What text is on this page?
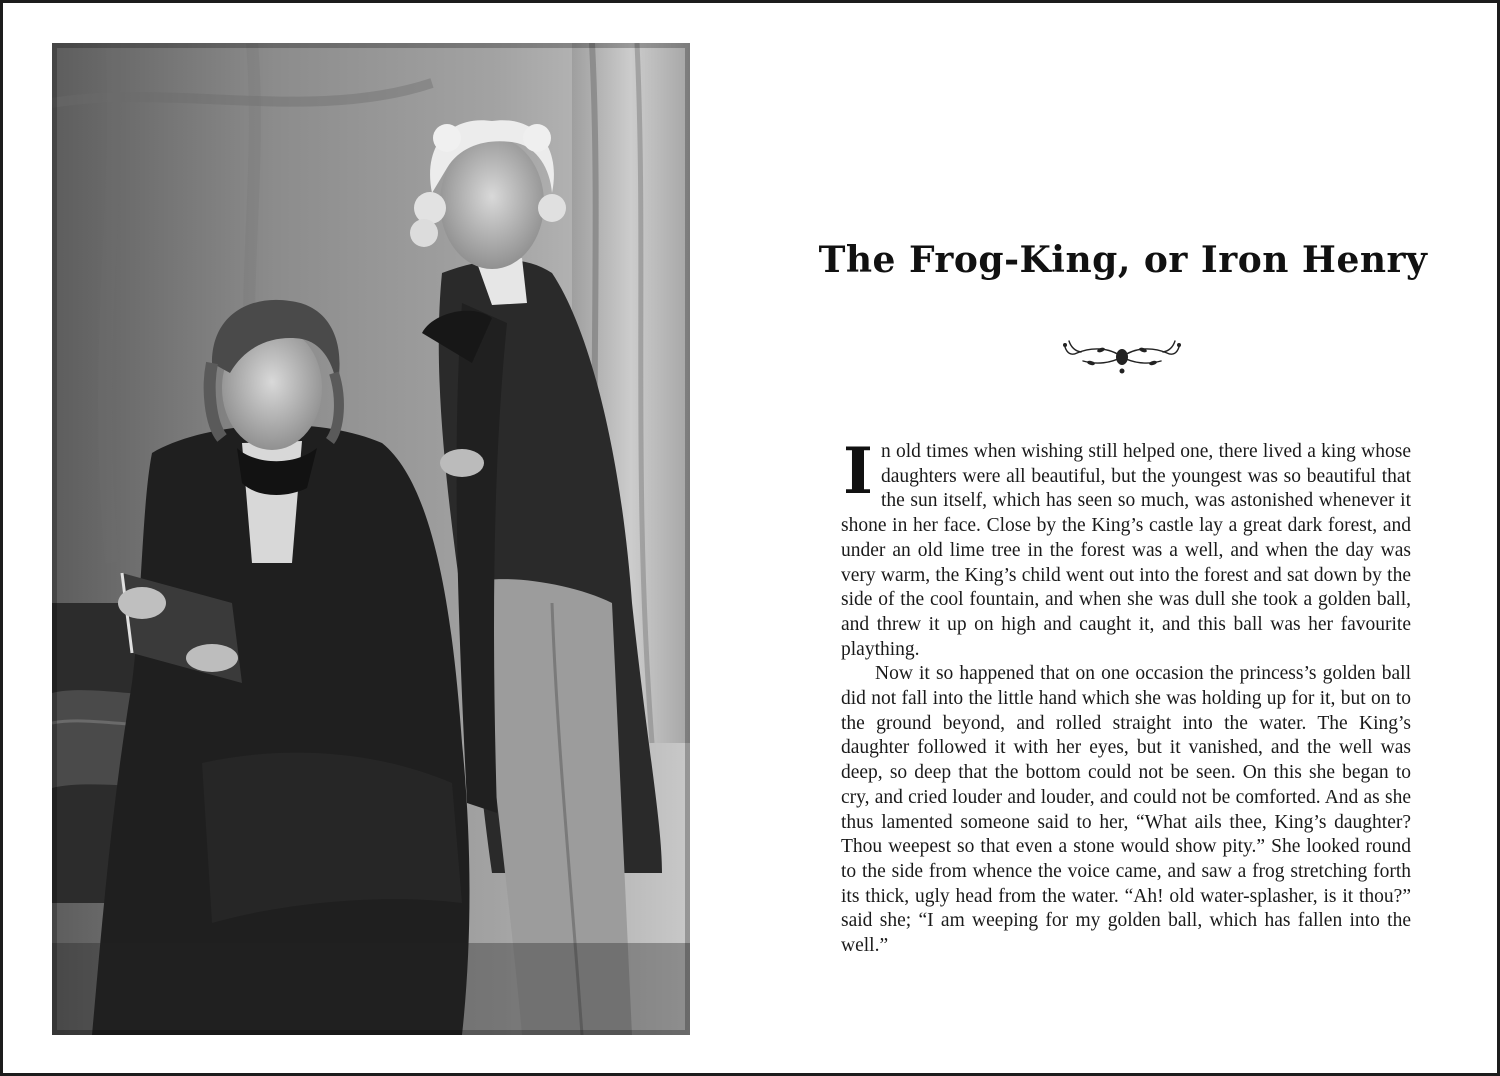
The Frog-King, or Iron Henry

In old times when wishing still helped one, there lived a king whose daughters were all beautiful, but the youngest was so beautiful that the sun itself, which has seen so much, was astonished whenever it shone in her face. Close by the King’s castle lay a great dark forest, and under an old lime tree in the forest was a well, and when the day was very warm, the King’s child went out into the forest and sat down by the side of the cool fountain, and when she was dull she took a golden ball, and threw it up on high and caught it, and this ball was her favourite plaything.

Now it so happened that on one occasion the princess’s golden ball did not fall into the little hand which she was holding up for it, but on to the ground beyond, and rolled straight into the water. The King’s daughter followed it with her eyes, but it vanished, and the well was deep, so deep that the bottom could not be seen. On this she began to cry, and cried louder and louder, and could not be comforted. And as she thus lamented someone said to her, “What ails thee, King’s daughter? Thou weepest so that even a stone would show pity.” She looked round to the side from whence the voice came, and saw a frog stretching forth its thick, ugly head from the water. “Ah! old water-splasher, is it thou?” said she; “I am weeping for my golden ball, which has fallen into the well.”
